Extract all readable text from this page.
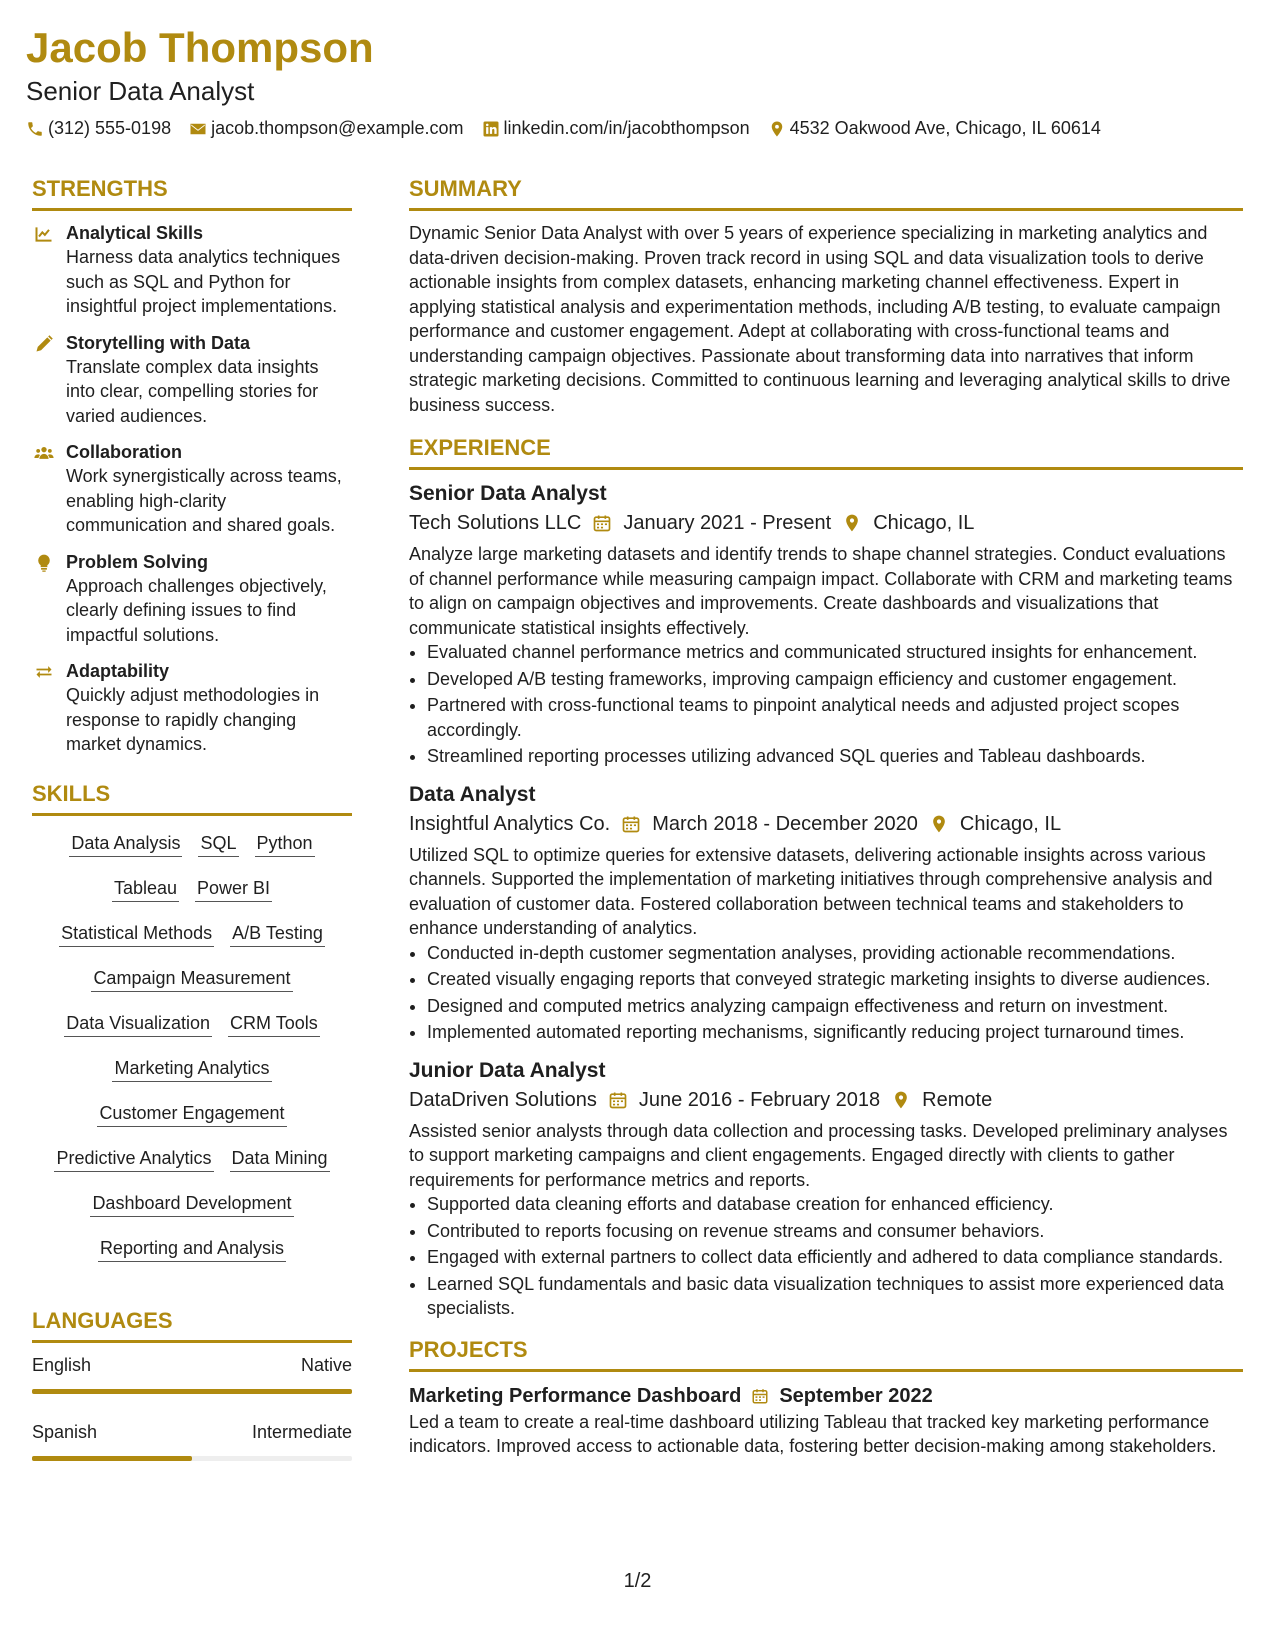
Jacob Thompson
Senior Data Analyst
(312) 555-0198 jacob.thompson@example.com linkedin.com/in/jacobthompson 4532 Oakwood Ave, Chicago, IL 60614
STRENGTHS
Analytical Skills
Harness data analytics techniques such as SQL and Python for insightful project implementations.
Storytelling with Data
Translate complex data insights into clear, compelling stories for varied audiences.
Collaboration
Work synergistically across teams, enabling high-clarity communication and shared goals.
Problem Solving
Approach challenges objectively, clearly defining issues to find impactful solutions.
Adaptability
Quickly adjust methodologies in response to rapidly changing market dynamics.
SKILLS
Data Analysis SQL Python
Tableau Power BI
Statistical Methods A/B Testing
Campaign Measurement
Data Visualization CRM Tools
Marketing Analytics
Customer Engagement
Predictive Analytics Data Mining
Dashboard Development
Reporting and Analysis
LANGUAGES
English	Native
Spanish	Intermediate
SUMMARY
Dynamic Senior Data Analyst with over 5 years of experience specializing in marketing analytics and data-driven decision-making. Proven track record in using SQL and data visualization tools to derive actionable insights from complex datasets, enhancing marketing channel effectiveness. Expert in applying statistical analysis and experimentation methods, including A/B testing, to evaluate campaign performance and customer engagement. Adept at collaborating with cross-functional teams and understanding campaign objectives. Passionate about transforming data into narratives that inform strategic marketing decisions. Committed to continuous learning and leveraging analytical skills to drive business success.
EXPERIENCE
Senior Data Analyst
Tech Solutions LLC January 2021 - Present Chicago, IL
Analyze large marketing datasets and identify trends to shape channel strategies. Conduct evaluations of channel performance while measuring campaign impact. Collaborate with CRM and marketing teams to align on campaign objectives and improvements. Create dashboards and visualizations that communicate statistical insights effectively.
• Evaluated channel performance metrics and communicated structured insights for enhancement.
• Developed A/B testing frameworks, improving campaign efficiency and customer engagement.
• Partnered with cross-functional teams to pinpoint analytical needs and adjusted project scopes accordingly.
• Streamlined reporting processes utilizing advanced SQL queries and Tableau dashboards.
Data Analyst
Insightful Analytics Co. March 2018 - December 2020 Chicago, IL
Utilized SQL to optimize queries for extensive datasets, delivering actionable insights across various channels. Supported the implementation of marketing initiatives through comprehensive analysis and evaluation of customer data. Fostered collaboration between technical teams and stakeholders to enhance understanding of analytics.
• Conducted in-depth customer segmentation analyses, providing actionable recommendations.
• Created visually engaging reports that conveyed strategic marketing insights to diverse audiences.
• Designed and computed metrics analyzing campaign effectiveness and return on investment.
• Implemented automated reporting mechanisms, significantly reducing project turnaround times.
Junior Data Analyst
DataDriven Solutions June 2016 - February 2018 Remote
Assisted senior analysts through data collection and processing tasks. Developed preliminary analyses to support marketing campaigns and client engagements. Engaged directly with clients to gather requirements for performance metrics and reports.
• Supported data cleaning efforts and database creation for enhanced efficiency.
• Contributed to reports focusing on revenue streams and consumer behaviors.
• Engaged with external partners to collect data efficiently and adhered to data compliance standards.
• Learned SQL fundamentals and basic data visualization techniques to assist more experienced data specialists.
PROJECTS
Marketing Performance Dashboard September 2022
Led a team to create a real-time dashboard utilizing Tableau that tracked key marketing performance indicators. Improved access to actionable data, fostering better decision-making among stakeholders.
1/2
